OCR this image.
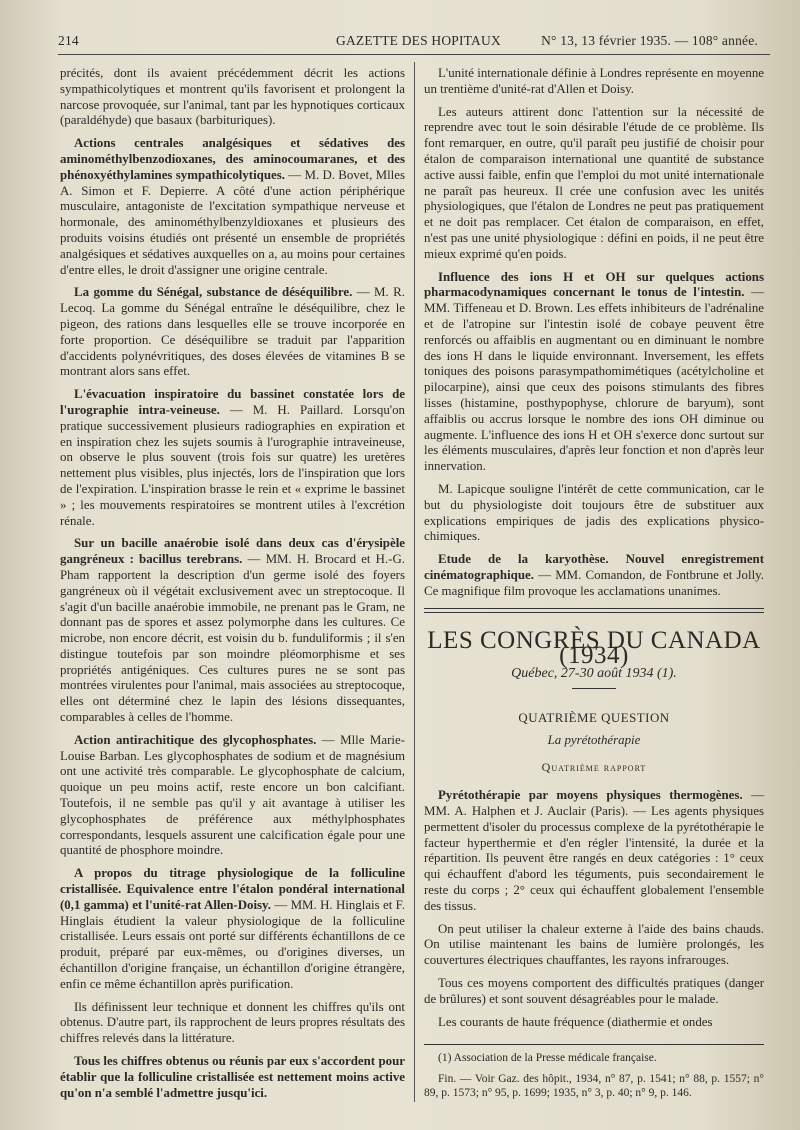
214	GAZETTE DES HOPITAUX	N° 13, 13 février 1935. — 108° année.

précités, dont ils avaient précédemment décrit les actions sympathicolytiques et montrent qu'ils favorisent et prolongent la narcose provoquée, sur l'animal, tant par les hypnotiques corticaux (paraldéhyde) que basaux (barbituriques).

Actions centrales analgésiques et sédatives des aminométhylbenzodioxanes, des aminocoumaranes, et des phénoxyéthylamines sympathicolytiques. — M. D. Bovet, Mlles A. Simon et F. Depierre. A côté d'une action périphérique musculaire, antagoniste de l'excitation sympathique nerveuse et hormonale, des aminométhylbenzyldioxanes et plusieurs des produits voisins étudiés ont présenté un ensemble de propriétés analgésiques et sédatives auxquelles on a, au moins pour certaines d'entre elles, le droit d'assigner une origine centrale.

La gomme du Sénégal, substance de déséquilibre. — M. R. Lecoq. La gomme du Sénégal entraîne le déséquilibre, chez le pigeon, des rations dans lesquelles elle se trouve incorporée en forte proportion. Ce déséquilibre se traduit par l'apparition d'accidents polynévritiques, des doses élevées de vitamines B se montrant alors sans effet.

L'évacuation inspiratoire du bassinet constatée lors de l'urographie intra-veineuse. — M. H. Paillard. Lorsqu'on pratique successivement plusieurs radiographies en expiration et en inspiration chez les sujets soumis à l'urographie intraveineuse, on observe le plus souvent (trois fois sur quatre) les uretères nettement plus visibles, plus injectés, lors de l'inspiration que lors de l'expiration. L'inspiration brasse le rein et « exprime le bassinet » ; les mouvements respiratoires se montrent utiles à l'excrétion rénale.

Sur un bacille anaérobie isolé dans deux cas d'érysipèle gangréneux : bacillus terebrans. — MM. H. Brocard et H.-G. Pham rapportent la description d'un germe isolé des foyers gangréneux où il végétait exclusivement avec un streptocoque. Il s'agit d'un bacille anaérobie immobile, ne prenant pas le Gram, ne donnant pas de spores et assez polymorphe dans les cultures. Ce microbe, non encore décrit, est voisin du b. funduliformis ; il s'en distingue toutefois par son moindre pléomorphisme et ses propriétés antigéniques. Ces cultures pures ne se sont pas montrées virulentes pour l'animal, mais associées au streptocoque, elles ont déterminé chez le lapin des lésions dissequantes, comparables à celles de l'homme.

Action antirachitique des glycophosphates. — Mlle Marie-Louise Barban. Les glycophosphates de sodium et de magnésium ont une activité très comparable. Le glycophosphate de calcium, quoique un peu moins actif, reste encore un bon calcifiant. Toutefois, il ne semble pas qu'il y ait avantage à utiliser les glycophosphates de préférence aux méthylphosphates correspondants, lesquels assurent une calcification égale pour une quantité de phosphore moindre.

A propos du titrage physiologique de la folliculine cristallisée. Equivalence entre l'étalon pondéral international (0,1 gamma) et l'unité-rat Allen-Doisy. — MM. H. Hinglais et F. Hinglais étudient la valeur physiologique de la folliculine cristallisée. Leurs essais ont porté sur différents échantillons de ce produit, préparé par eux-mêmes, ou d'origines diverses, un échantillon d'origine française, un échantillon d'origine étrangère, enfin ce même échantillon après purification.

Ils définissent leur technique et donnent les chiffres qu'ils ont obtenus. D'autre part, ils rapprochent de leurs propres résultats des chiffres relevés dans la littérature.

Tous les chiffres obtenus ou réunis par eux s'accordent pour établir que la folliculine cristallisée est nettement moins active qu'on n'a semblé l'admettre jusqu'ici.

L'unité internationale définie à Londres représente en moyenne un trentième d'unité-rat d'Allen et Doisy.

Les auteurs attirent donc l'attention sur la nécessité de reprendre avec tout le soin désirable l'étude de ce problème. Ils font remarquer, en outre, qu'il paraît peu justifié de choisir pour étalon de comparaison international une quantité de substance active aussi faible, enfin que l'emploi du mot unité internationale ne paraît pas heureux. Il crée une confusion avec les unités physiologiques, que l'étalon de Londres ne peut pas pratiquement et ne doit pas remplacer. Cet étalon de comparaison, en effet, n'est pas une unité physiologique : défini en poids, il ne peut être mieux exprimé qu'en poids.

Influence des ions H et OH sur quelques actions pharmacodynamiques concernant le tonus de l'intestin. — MM. Tiffeneau et D. Brown. Les effets inhibiteurs de l'adrénaline et de l'atropine sur l'intestin isolé de cobaye peuvent être renforcés ou affaiblis en augmentant ou en diminuant le nombre des ions H dans le liquide environnant. Inversement, les effets toniques des poisons parasympathomimétiques (acétylcholine et pilocarpine), ainsi que ceux des poisons stimulants des fibres lisses (histamine, posthypophyse, chlorure de baryum), sont affaiblis ou accrus lorsque le nombre des ions OH diminue ou augmente. L'influence des ions H et OH s'exerce donc surtout sur les éléments musculaires, d'après leur fonction et non d'après leur innervation.

M. Lapicque souligne l'intérêt de cette communication, car le but du physiologiste doit toujours être de substituer aux explications empiriques de jadis des explications physico-chimiques.

Etude de la karyothèse. Nouvel enregistrement cinématographique. — MM. Comandon, de Fontbrune et Jolly. Ce magnifique film provoque les acclamations unanimes.

LES CONGRÈS DU CANADA (1934)
Québec, 27-30 août 1934 (1).
QUATRIÈME QUESTION
La pyrétothérapie
Quatrième rapport

Pyrétothérapie par moyens physiques thermogènes. — MM. A. Halphen et J. Auclair (Paris). — Les agents physiques permettent d'isoler du processus complexe de la pyrétothérapie le facteur hyperthermie et d'en régler l'intensité, la durée et la répartition. Ils peuvent être rangés en deux catégories : 1° ceux qui échauffent d'abord les téguments, puis secondairement le reste du corps ; 2° ceux qui échauffent globalement l'ensemble des tissus.

On peut utiliser la chaleur externe à l'aide des bains chauds. On utilise maintenant les bains de lumière prolongés, les couvertures électriques chauffantes, les rayons infrarouges.

Tous ces moyens comportent des difficultés pratiques (danger de brûlures) et sont souvent désagréables pour le malade.

Les courants de haute fréquence (diathermie et ondes

(1) Association de la Presse médicale française.

Fin. — Voir Gaz. des hôpit., 1934, n° 87, p. 1541; n° 88, p. 1557; n° 89, p. 1573; n° 95, p. 1699; 1935, n° 3, p. 40; n° 9, p. 146.
